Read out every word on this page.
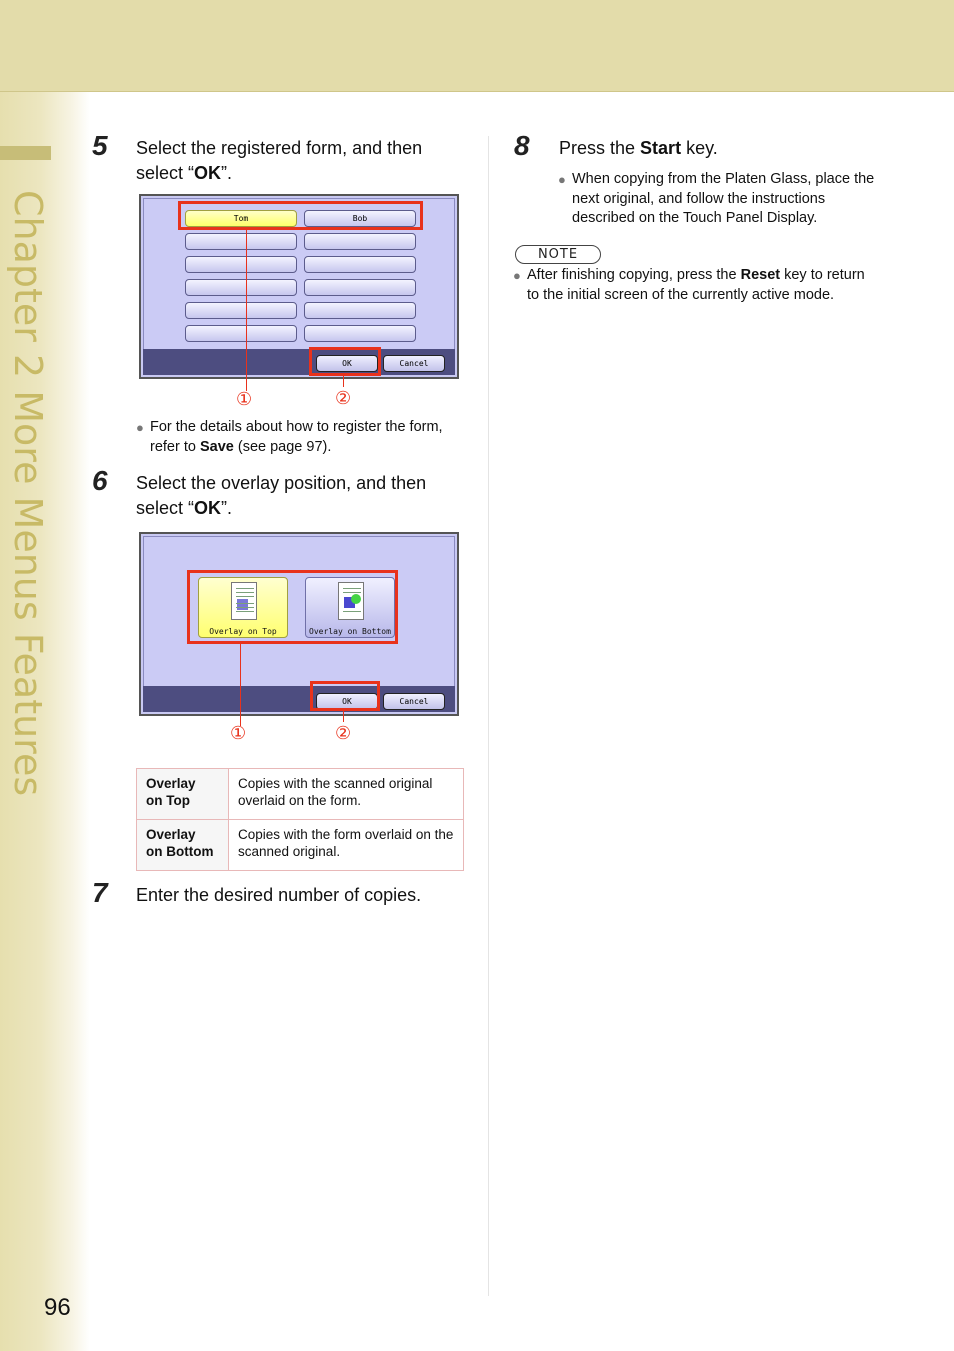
Chapter 2 More Menus Features
96
5 Select the registered form, and then select “OK”.
Tom	Bob
OK	Cancel
①	②
● For the details about how to register the form, refer to Save (see page 97).
6 Select the overlay position, and then select “OK”.
Overlay on Top	Overlay on Bottom
OK	Cancel
①	②
Overlay
on Top	Copies with the scanned original overlaid on the form.
Overlay
on Bottom	Copies with the form overlaid on the scanned original.
7 Enter the desired number of copies.
8 Press the Start key.
● When copying from the Platen Glass, place the next original, and follow the instructions described on the Touch Panel Display.
NOTE
● After finishing copying, press the Reset key to return to the initial screen of the currently active mode.
